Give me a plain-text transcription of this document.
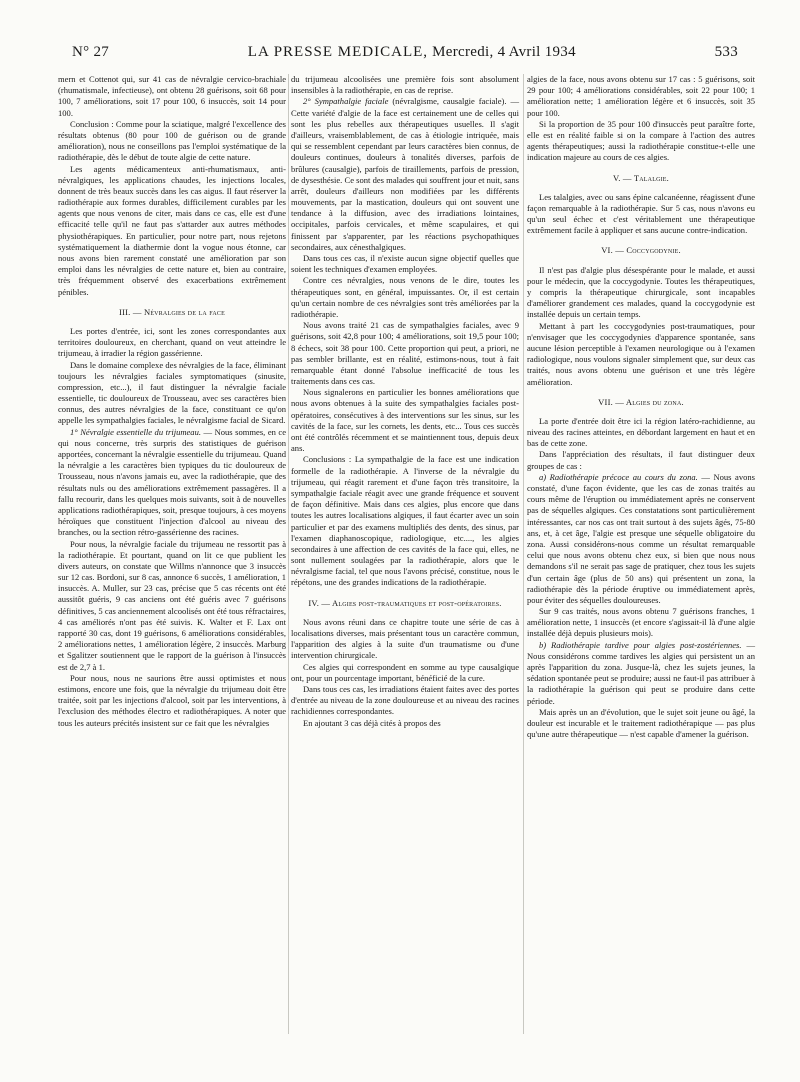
N° 27	LA PRESSE MEDICALE, Mercredi, 4 Avril 1934	533

mern et Cottenot qui, sur 41 cas de névralgie cervico-brachiale (rhumatismale, infectieuse), ont obtenu 28 guérisons, soit 68 pour 100, 7 améliorations, soit 17 pour 100, 6 insuccès, soit 14 pour 100.

Conclusion : Comme pour la sciatique, malgré l'excellence des résultats obtenus (80 pour 100 de guérison ou de grande amélioration), nous ne conseillons pas l'emploi systématique de la radiothérapie, dès le début de toute algie de cette nature.

Les agents médicamenteux anti-rhumatismaux, anti-névralgiques, les applications chaudes, les injections locales, donnent de très beaux succès dans les cas aigus. Il faut réserver la radiothérapie aux formes durables, difficilement curables par les agents que nous venons de citer, mais dans ce cas, elle est d'une efficacité telle qu'il ne faut pas s'attarder aux autres méthodes physiothérapiques. En particulier, pour notre part, nous rejetons systématiquement la diathermie dont la vogue nous étonne, car nous avons bien rarement constaté une amélioration par son emploi dans les névralgies de cette nature et, bien au contraire, très fréquemment observé des exacerbations extrêmement pénibles.

III. — Névralgies de la face

Les portes d'entrée, ici, sont les zones correspondantes aux territoires douloureux, en cherchant, quand on veut atteindre le trijumeau, à irradier la région gassérienne.

Dans le domaine complexe des névralgies de la face, éliminant toujours les névralgies faciales symptomatiques (sinusite, compression, etc...), il faut distinguer la névralgie faciale essentielle, tic douloureux de Trousseau, avec ses caractères bien connus, des autres névralgies de la face, constituant ce qu'on appelle les sympathalgies faciales, le névralgisme facial de Sicard.

1° Névralgie essentielle du trijumeau. — Nous sommes, en ce qui nous concerne, très surpris des statistiques de guérison apportées, concernant la névralgie essentielle du trijumeau. Quand la névralgie a les caractères bien typiques du tic douloureux de Trousseau, nous n'avons jamais eu, avec la radiothérapie, que des résultats nuls ou des améliorations extrêmement passagères. Il a fallu recourir, dans les quelques mois suivants, soit à de nouvelles applications radiothérapiques, soit, presque toujours, à ces moyens héroïques que constituent l'injection d'alcool au niveau des branches, ou la section rétro-gassérienne des racines.

Pour nous, la névralgie faciale du trijumeau ne ressortit pas à la radiothérapie. Et pourtant, quand on lit ce que publient les divers auteurs, on constate que Willms n'annonce que 3 insuccès sur 12 cas. Bordoni, sur 8 cas, annonce 6 succès, 1 amélioration, 1 insuccès. A. Muller, sur 23 cas, précise que 5 cas récents ont été aussitôt guéris, 9 cas anciens ont été guéris avec 7 guérisons définitives, 5 cas anciennement alcoolisés ont été tous réfractaires, 4 cas améliorés n'ont pas été suivis. K. Walter et F. Lax ont rapporté 30 cas, dont 19 guérisons, 6 améliorations considérables, 2 améliorations nettes, 1 amélioration légère, 2 insuccès. Marburg et Sgalitzer soutiennent que le rapport de la guérison à l'insuccès est de 2,7 à 1.

Pour nous, nous ne saurions être aussi optimistes et nous estimons, encore une fois, que la névralgie du trijumeau doit être traitée, soit par les injections d'alcool, soit par les interventions, à l'exclusion des méthodes électro et radiothérapiques. A noter que tous les auteurs précités insistent sur ce fait que les névralgies

du trijumeau alcoolisées une première fois sont absolument insensibles à la radiothérapie, en cas de reprise.

2° Sympathalgie faciale (névralgisme, causalgie faciale). — Cette variété d'algie de la face est certainement une de celles qui sont les plus rebelles aux thérapeutiques usuelles. Il s'agit d'ailleurs, vraisemblablement, de cas à étiologie intriquée, mais qui se ressemblent cependant par leurs caractères bien connus, de douleurs continues, douleurs à tonalités diverses, parfois de brûlures (causalgie), parfois de tiraillements, parfois de pression, de dysesthésie. Ce sont des malades qui souffrent jour et nuit, sans arrêt, douleurs d'ailleurs non modifiées par les différents mouvements, par la mastication, douleurs qui ont souvent une tendance à la diffusion, avec des irradiations lointaines, occipitales, parfois cervicales, et même scapulaires, et qui finissent par s'apparenter, par les réactions psychopathiques secondaires, aux cénesthalgiques.

Dans tous ces cas, il n'existe aucun signe objectif quelles que soient les techniques d'examen employées.

Contre ces névralgies, nous venons de le dire, toutes les thérapeutiques sont, en général, impuissantes. Or, il est certain qu'un certain nombre de ces névralgies sont très améliorées par la radiothérapie.

Nous avons traité 21 cas de sympathalgies faciales, avec 9 guérisons, soit 42,8 pour 100; 4 améliorations, soit 19,5 pour 100; 8 échecs, soit 38 pour 100. Cette proportion qui peut, a priori, ne pas sembler brillante, est en réalité, estimons-nous, tout à fait remarquable étant donné l'absolue inefficacité de tous les traitements dans ces cas.

Nous signalerons en particulier les bonnes améliorations que nous avons obtenues à la suite des sympathalgies faciales post-opératoires, consécutives à des interventions sur les sinus, sur les cavités de la face, sur les cornets, les dents, etc... Tous ces succès ont été contrôlés récemment et se maintiennent tous, depuis deux ans.

Conclusions : La sympathalgie de la face est une indication formelle de la radiothérapie. A l'inverse de la névralgie du trijumeau, qui réagit rarement et d'une façon très transitoire, la sympathalgie faciale réagit avec une grande fréquence et souvent de façon définitive. Mais dans ces algies, plus encore que dans toutes les autres localisations algiques, il faut écarter avec un soin particulier et par des examens multipliés des dents, des sinus, par l'examen diaphanoscopique, radiologique, etc...., les algies secondaires à une affection de ces cavités de la face qui, elles, ne sont nullement soulagées par la radiothérapie, alors que le névralgisme facial, tel que nous l'avons précisé, constitue, nous le répétons, une des grandes indications de la radiothérapie.

IV. — Algies post-traumatiques et post-opératoires.

Nous avons réuni dans ce chapitre toute une série de cas à localisations diverses, mais présentant tous un caractère commun, l'apparition des algies à la suite d'un traumatisme ou d'une intervention chirurgicale.

Ces algies qui correspondent en somme au type causalgique ont, pour un pourcentage important, bénéficié de la cure.

Dans tous ces cas, les irradiations étaient faites avec des portes d'entrée au niveau de la zone douloureuse et au niveau des racines rachidiennes correspondantes.

En ajoutant 3 cas déjà cités à propos des

algies de la face, nous avons obtenu sur 17 cas : 5 guérisons, soit 29 pour 100; 4 améliorations considérables, soit 22 pour 100; 1 amélioration nette; 1 amélioration légère et 6 insuccès, soit 35 pour 100.

Si la proportion de 35 pour 100 d'insuccès peut paraître forte, elle est en réalité faible si on la compare à l'action des autres agents thérapeutiques; aussi la radiothérapie constitue-t-elle une indication majeure au cours de ces algies.

V. — Talalgie.

Les talalgies, avec ou sans épine calcanéenne, réagissent d'une façon remarquable à la radiothérapie. Sur 5 cas, nous n'avons eu qu'un seul échec et c'est véritablement une thérapeutique extrêmement facile à appliquer et sans aucune contre-indication.

VI. — Coccygodynie.

Il n'est pas d'algie plus désespérante pour le malade, et aussi pour le médecin, que la coccygodynie. Toutes les thérapeutiques, y compris la thérapeutique chirurgicale, sont incapables d'améliorer grandement ces malades, quand la coccygodynie est installée depuis un certain temps.

Mettant à part les coccygodynies post-traumatiques, pour n'envisager que les coccygodynies d'apparence spontanée, sans aucune lésion perceptible à l'examen neurologique ou à l'examen radiologique, nous voulons signaler simplement que, sur deux cas traités, nous avons obtenu une guérison et une très légère amélioration.

VII. — Algies du zona.

La porte d'entrée doit être ici la région latéro-rachidienne, au niveau des racines atteintes, en débordant largement en haut et en bas de cette zone.

Dans l'appréciation des résultats, il faut distinguer deux groupes de cas :

a) Radiothérapie précoce au cours du zona. — Nous avons constaté, d'une façon évidente, que les cas de zonas traités au cours même de l'éruption ou immédiatement après ne conservent pas de séquelles algiques. Ces constatations sont particulièrement intéressantes, car nos cas ont trait surtout à des sujets âgés, 75-80 ans, et, à cet âge, l'algie est presque une séquelle obligatoire du zona. Aussi considérons-nous comme un résultat remarquable celui que nous avons obtenu chez eux, si bien que nous nous demandons s'il ne serait pas sage de pratiquer, chez tous les sujets d'un certain âge (plus de 50 ans) qui présentent un zona, la radiothérapie dès la période éruptive ou immédiatement après, pour éviter des séquelles douloureuses.

Sur 9 cas traités, nous avons obtenu 7 guérisons franches, 1 amélioration nette, 1 insuccès (et encore s'agissait-il là d'une algie installée déjà depuis plusieurs mois).

b) Radiothérapie tardive pour algies post-zostériennes. — Nous considérons comme tardives les algies qui persistent un an après l'apparition du zona. Jusque-là, chez les sujets jeunes, la sédation spontanée peut se produire; aussi ne faut-il pas attribuer à la radiothérapie la guérison qui peut se produire dans cette période.

Mais après un an d'évolution, que le sujet soit jeune ou âgé, la douleur est incurable et le traitement radiothérapique — pas plus qu'une autre thérapeutique — n'est capable d'amener la guérison.
